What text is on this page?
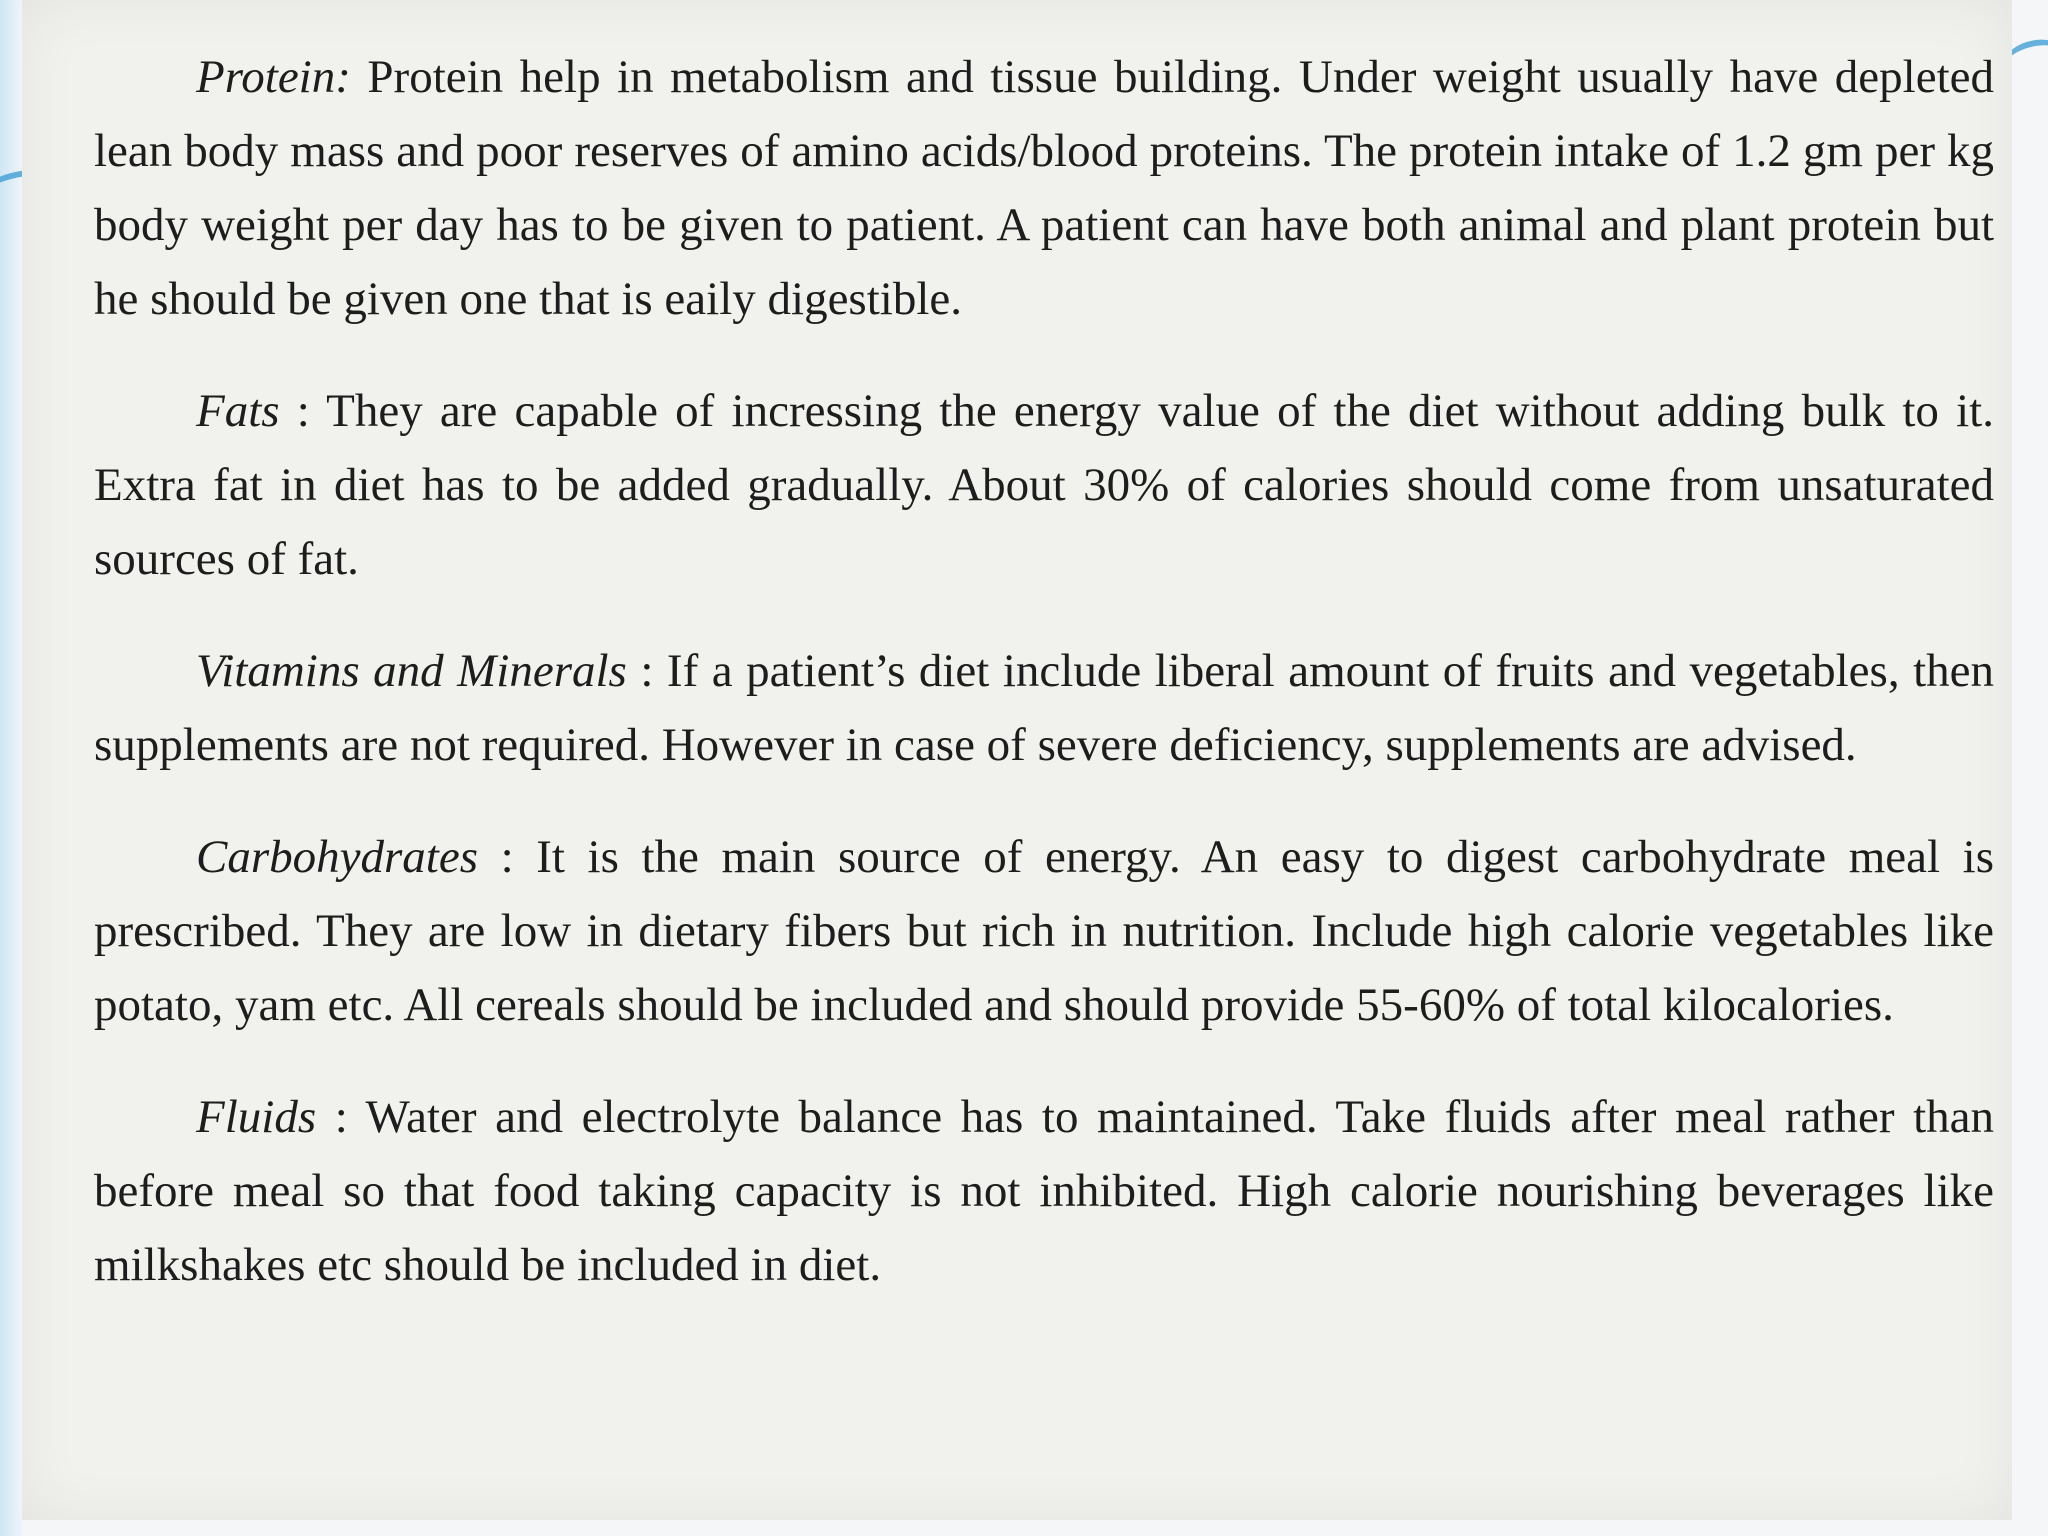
Protein: Protein help in metabolism and tissue building. Under weight usually have depleted lean body mass and poor reserves of amino acids/blood proteins. The protein intake of 1.2 gm per kg body weight per day has to be given to patient. A patient can have both animal and plant protein but he should be given one that is eaily digestible.

Fats : They are capable of incressing the energy value of the diet without adding bulk to it. Extra fat in diet has to be added gradually. About 30% of calories should come from unsaturated sources of fat.

Vitamins and Minerals : If a patient’s diet include liberal amount of fruits and vegetables, then supplements are not required. However in case of severe deficiency, supplements are advised.

Carbohydrates : It is the main source of energy. An easy to digest carbohydrate meal is prescribed. They are low in dietary fibers but rich in nutrition. Include high calorie vegetables like potato, yam etc. All cereals should be included and should provide 55-60% of total kilocalories.

Fluids : Water and electrolyte balance has to maintained. Take fluids after meal rather than before meal so that food taking capacity is not inhibited. High calorie nourishing beverages like milkshakes etc should be included in diet.
